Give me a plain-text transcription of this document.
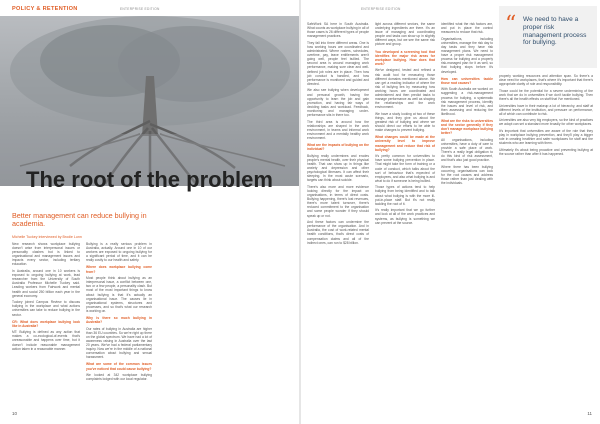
POLICY & RETENTION	ENTERPRISE EDITION
The root of the problem
Better management can reduce bullying in academia.
Michelle Tuckey interviewed by Brodie Lunn

New research shows workplace bullying doesn't arise from interpersonal issues or personality clashes but is linked to organisational and management issues and impacts every sector, including tertiary education.

In Australia, around one in 10 workers is exposed to ongoing bullying at work, lead researcher from the University of South Australia Professor Michelle Tuckey said. Leading workers from Fairwork and mental health and social 250 billion each year in the general economy.

Tuckey joined Campus Review to discuss bullying in the workplace and what actions universities can take to reduce bullying in the sector.

CR: What does workplace bullying look like in Australia?

MT: Bullying is defined as any action that makes a co-ecological-of-events that's unreasonable and happens over time, but it doesn't include reasonable management action taken in a reasonable manner.

Bullying is a really serious problem in Australia, actually. Around one in 10 of our workers are exposed to ongoing bullying for a significant period of time, and it can be really costly to our health and safety.

Where does workplace bullying come from?

Most people think about bullying as an interpersonal issue, a conflict between one, two or a few people, a personality clash. But most of the most important things to know about bullying is that it's actually an organisational issue. The causes lie in organisational systems, structures and processes, and so that's what our research is working on.

Why is there so much bullying in Australia?

Our rates of bullying in Australia are higher than 36 EU countries. So we're right up there on the global spectrum. We have had a lot of awareness raising in Australia over the last 20 years. We've had a federal parliamentary inquiry. Now we're in the middle of a national conversation about bullying and sexual harassment.

What are some of the common issues you've noticed that could cause bullying?

We looked at 342 workplace bullying complaints lodged with our local regulator.

10
ENTERPRISE EDITION

SafeWork SA here in South Australia. What counts as workplace bullying in all of those cases is 26 different types of people management practices.

They fall into three different areas. One is how working hours are coordinated and administrated. Where rosters, schedules, overtime, pay, leave entitlements aren't going well, people feel bullied. The second area is around managing work performance, making sure clear and well-defined job roles are in place. Then how job conduct is handled, and how performance is monitored and guided and directed.

We also see bullying when development and personal growth, having the opportunity to learn the job and gain promotion, and having fair ways of deciding tasks and workload. Feedback, monitoring and managing under-performance sits in there too.

The third area is around how the relationships are shaped in the work environment, in teams and informal work environment and a mentally healthy work environment.

What are the impacts of bullying on the individual?

Bullying really undermines and erodes people's mental health, over their physical health. That can show up in things like anxiety and depression and other psychological illnesses. It can affect their sleeping. In the most acute scenario, targets can think about suicide.

There's also more and more evidence looking directly for the impact on organisations, in terms of direct costs. Bullying happening, there's lost revenues, there's more talent turnover, there's reduced commitment to the organisation and some people wonder if they should speak up or not.

And these factors can undermine the performance of the organisation. And in Australia, the cost of work-related mental health conditions, that's direct costs of compensation claims and all of the indirect ones, can run to $28 billion.

light across different sectors, the same underlying ingredients are there. It's an issue of managing and coordinating people and tasks can show up in slightly different ways, but we see the same risk picture and group.

You developed a screening tool that identifies the major risk areas for workplace bullying. How does that work?

We've designed, tested and refined a risk audit tool for measuring those different domains mentioned above. We can get a reading indicator of where the risk of bullying lies by measuring how working hours are coordinated and administered and then predict tasks to manage performance as well as shaping the relationships and the work environment.

We have a study looking at two of these things, and they give us about the greatest risk of bullying and where we should direct our efforts to be able to make changes to prevent bullying.

What changes could be made at the university level to improve management and reduce that risk of bullying?

It's pretty common for universities to have some bullying prevention in place. That might take the form of training or a code of conduct, which talks about the sort of behaviour that's expected of employees, and also what bullying is and what to do if someone is being bullied.

Those types of actions tend to help bullying from being identified and to talk about what bullying is with the more ill-put-in-place staff. But it's not really tackling the root of it.

It's really important that we go further and look at all of the work practices and systems, as bullying is something we can prevent at the source.

identified what the risk factors are, and put in place the control measures to reduce that risk.

Organisations, including universities, manage the risk day to day tasks and they have risk management plans. We need to have a proper risk management process for bullying and a properly risk-managed plan for it as well, so that bullying stops before it's developed.

How can universities tackle those root causes?

With South Australia we worked on suggesting a risk-management process for bullying, a systematic risk management process, identify the issues and level of risk, and then assessing and reducing the likelihood.

What are the risks to universities and the sector generally if they don't manage workplace bullying better?

All organisations, including universities, have a duty of care to provide a safe place of work. There's a really legal obligation to do this kind of risk assessment, and that's also just good practice.

Where there has been bullying occurring, organisations can look for the root causes and address those rather than just dealing with the individuals.

“ We need to have a proper risk management process for bullying.

properly working resources and attention span. So there's a clear need for workplaces, that's where it's important that there's appropriate clarity of role and responsibility.

Those could be the potential for a severe undermining of the work that we do in universities if we don't tackle bullying. Then there's all the health effects on staff that I've mentioned.

Universities have in their makeup a lot of hierarchy, and staff at different levels of the institution, and pressure on performance, all of which can contribute to risk.

Universities are also very big employers, so the kind of practices we adopt can set a standard more broadly for other workplaces.

It's important that universities are aware of the role that they play in workplace bullying prevention, and they'll play a bigger role in creating healthier and safer workplaces for staff and the students who are learning with them.

Ultimately it's about being proactive and preventing bullying at the source rather than after it has happened.

11
